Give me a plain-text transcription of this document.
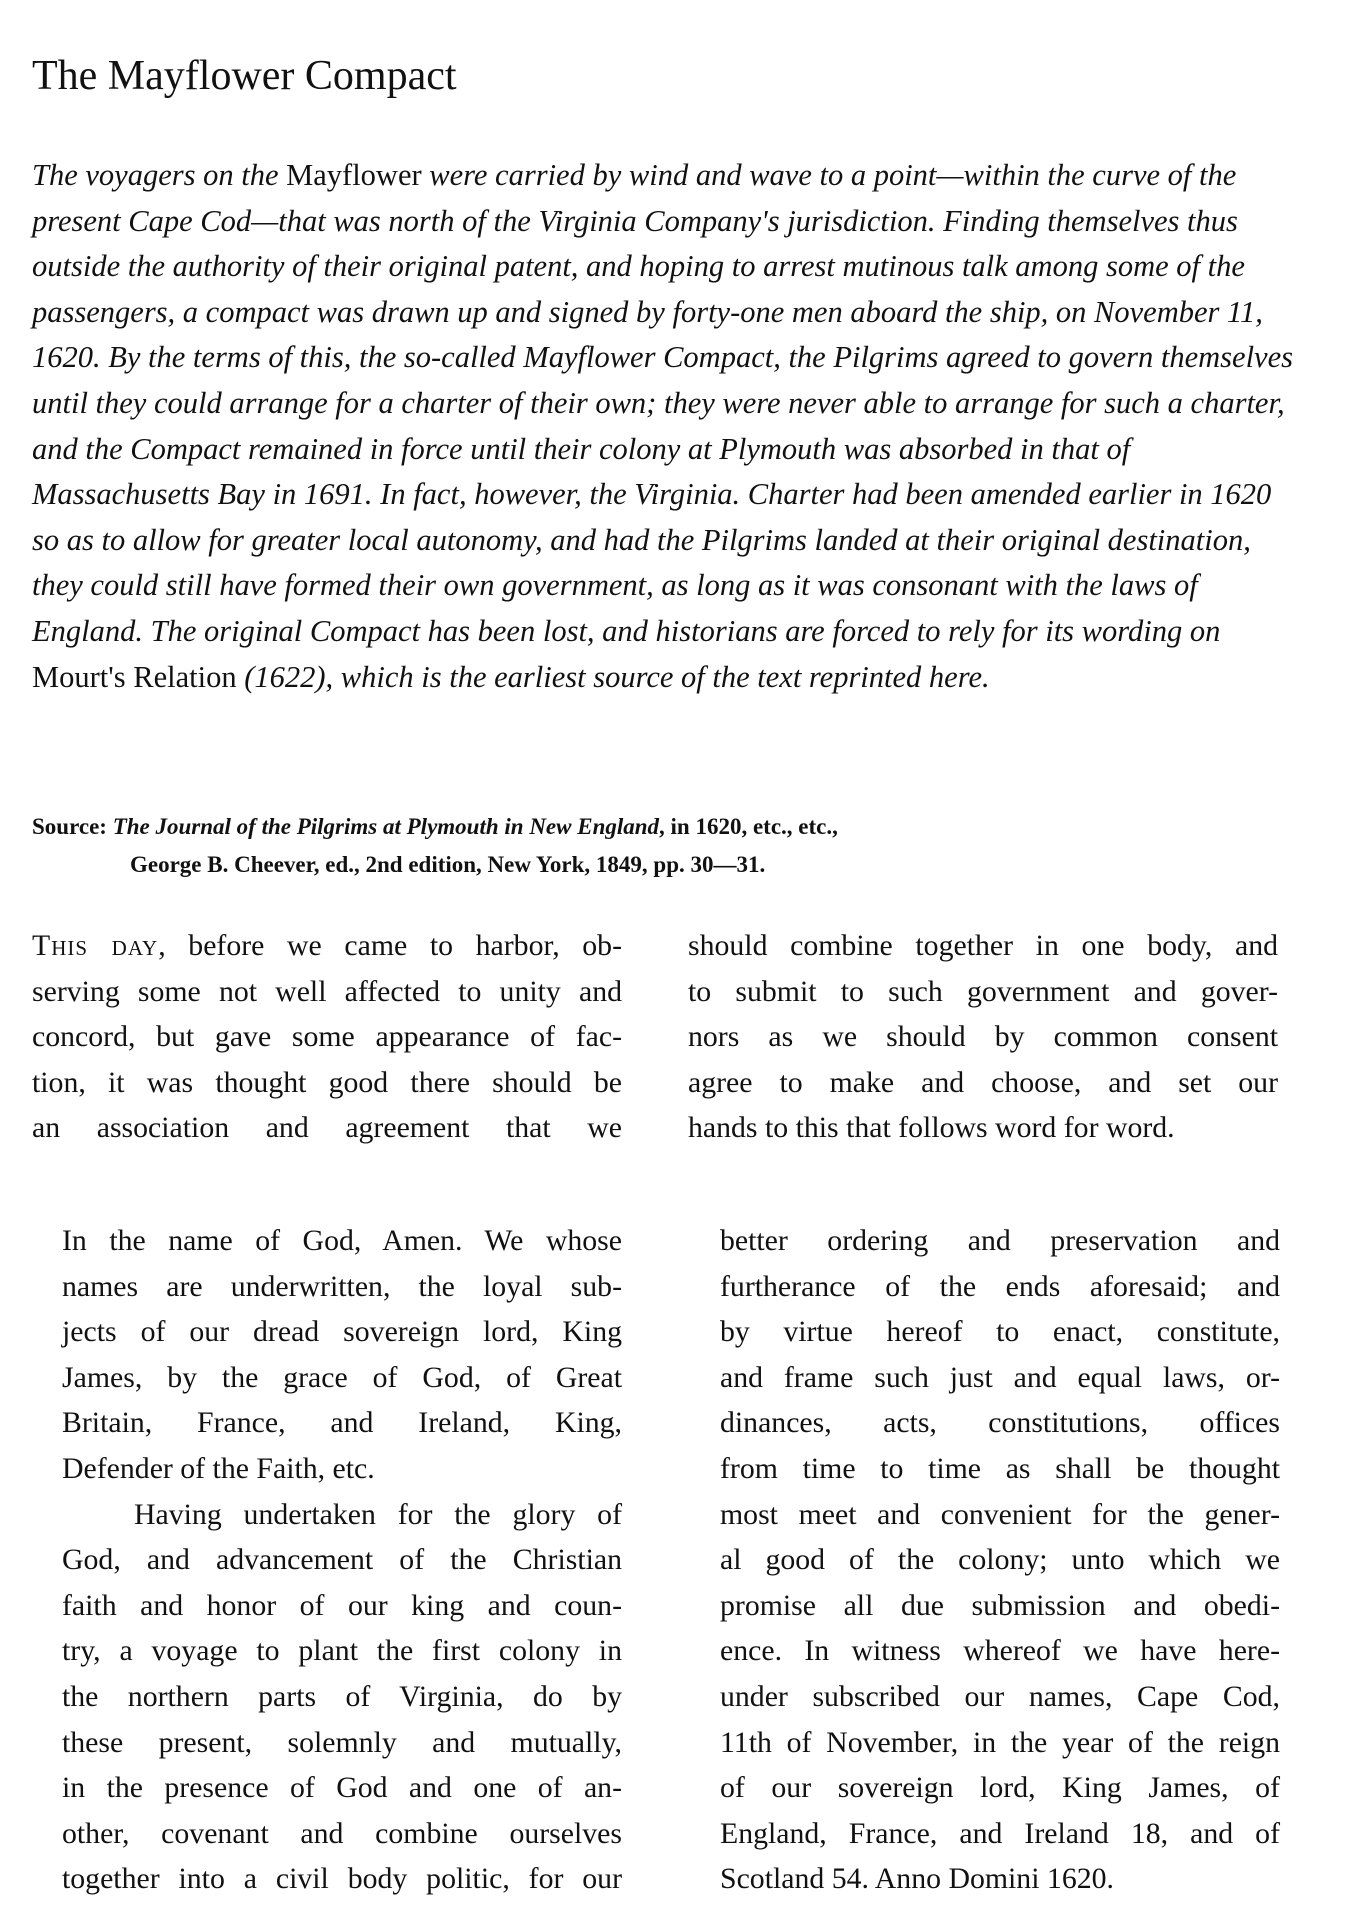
The Mayflower Compact

The voyagers on the Mayflower were carried by wind and wave to a point—within the curve of the present Cape Cod—that was north of the Virginia Company's jurisdiction. Finding themselves thus outside the authority of their original patent, and hoping to arrest mutinous talk among some of the passengers, a compact was drawn up and signed by forty-one men aboard the ship, on November 11, 1620. By the terms of this, the so-called Mayflower Compact, the Pilgrims agreed to govern themselves until they could arrange for a charter of their own; they were never able to arrange for such a charter, and the Compact remained in force until their colony at Plymouth was absorbed in that of Massachusetts Bay in 1691. In fact, however, the Virginia. Charter had been amended earlier in 1620 so as to allow for greater local autonomy, and had the Pilgrims landed at their original destination, they could still have formed their own government, as long as it was consonant with the laws of England. The original Compact has been lost, and historians are forced to rely for its wording on Mourt's Relation (1622), which is the earliest source of the text reprinted here.

Source: The Journal of the Pilgrims at Plymouth in New England, in 1620, etc., etc.,
George B. Cheever, ed., 2nd edition, New York, 1849, pp. 30—31.
This day, before we came to harbor, ob-
serving some not well affected to unity and
concord, but gave some appearance of fac-
tion, it was thought good there should be
an association and agreement that we
should combine together in one body, and
to submit to such government and gover-
nors as we should by common consent
agree to make and choose, and set our
hands to this that follows word for word.
In the name of God, Amen. We whose
names are underwritten, the loyal sub-
jects of our dread sovereign lord, King
James, by the grace of God, of Great
Britain, France, and Ireland, King,
Defender of the Faith, etc.
Having undertaken for the glory of
God, and advancement of the Christian
faith and honor of our king and coun-
try, a voyage to plant the first colony in
the northern parts of Virginia, do by
these present, solemnly and mutually,
in the presence of God and one of an-
other, covenant and combine ourselves
together into a civil body politic, for our
better ordering and preservation and
furtherance of the ends aforesaid; and
by virtue hereof to enact, constitute,
and frame such just and equal laws, or-
dinances, acts, constitutions, offices
from time to time as shall be thought
most meet and convenient for the gener-
al good of the colony; unto which we
promise all due submission and obedi-
ence. In witness whereof we have here-
under subscribed our names, Cape Cod,
11th of November, in the year of the reign
of our sovereign lord, King James, of
England, France, and Ireland 18, and of
Scotland 54. Anno Domini 1620.
